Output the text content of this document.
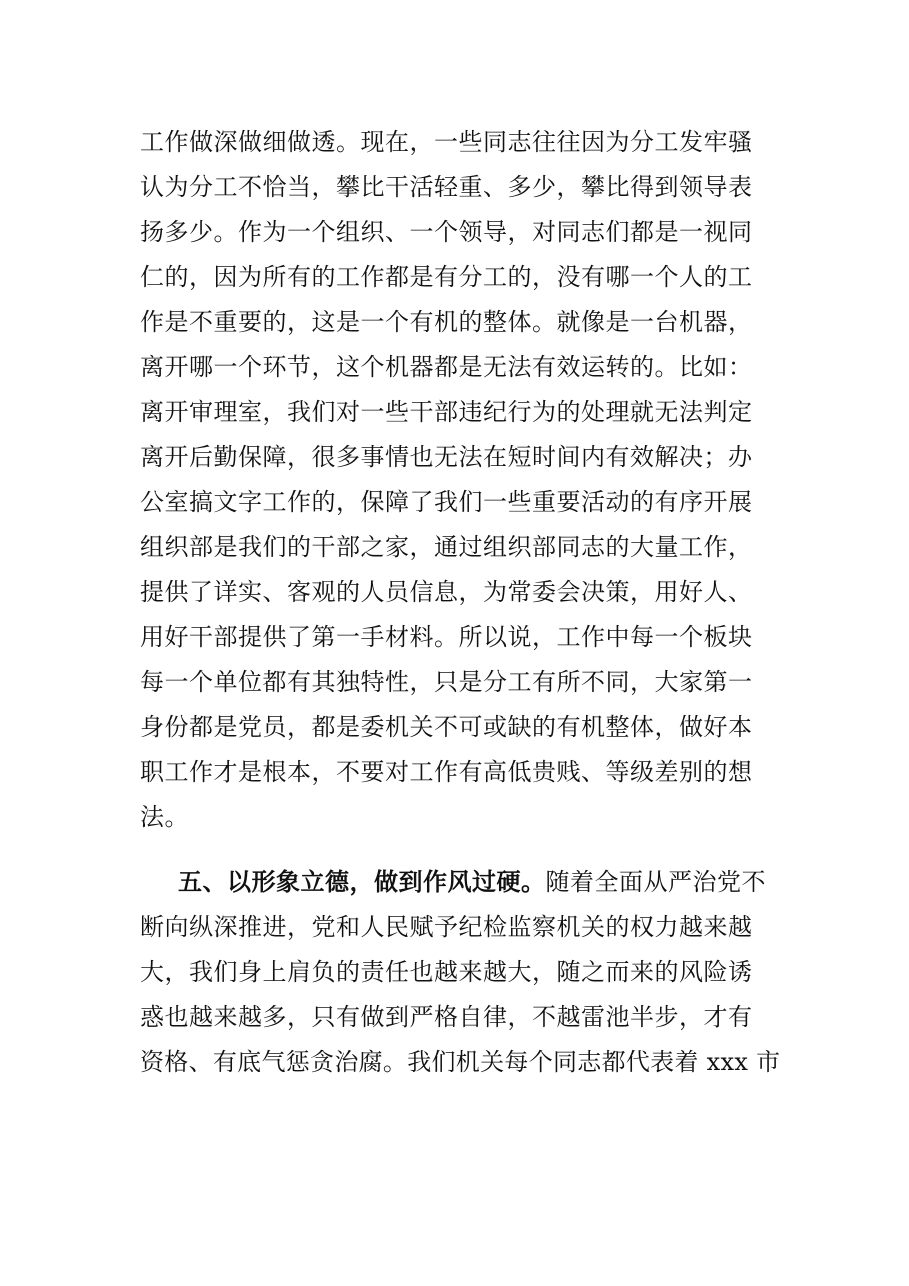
工作做深做细做透。现在，一些同志往往因为分工发牢骚
认为分工不恰当，攀比干活轻重、多少，攀比得到领导表
扬多少。作为一个组织、一个领导，对同志们都是一视同
仁的，因为所有的工作都是有分工的，没有哪一个人的工
作是不重要的，这是一个有机的整体。就像是一台机器，
离开哪一个环节，这个机器都是无法有效运转的。比如：
离开审理室，我们对一些干部违纪行为的处理就无法判定
离开后勤保障，很多事情也无法在短时间内有效解决；办
公室搞文字工作的，保障了我们一些重要活动的有序开展
组织部是我们的干部之家，通过组织部同志的大量工作，
提供了详实、客观的人员信息，为常委会决策，用好人、
用好干部提供了第一手材料。所以说，工作中每一个板块
每一个单位都有其独特性，只是分工有所不同，大家第一
身份都是党员，都是委机关不可或缺的有机整体，做好本
职工作才是根本，不要对工作有高低贵贱、等级差别的想
法。
五、以形象立德，做到作风过硬。随着全面从严治党不
断向纵深推进，党和人民赋予纪检监察机关的权力越来越
大，我们身上肩负的责任也越来越大，随之而来的风险诱
惑也越来越多，只有做到严格自律，不越雷池半步，才有
资格、有底气惩贪治腐。我们机关每个同志都代表着 xxx 市
